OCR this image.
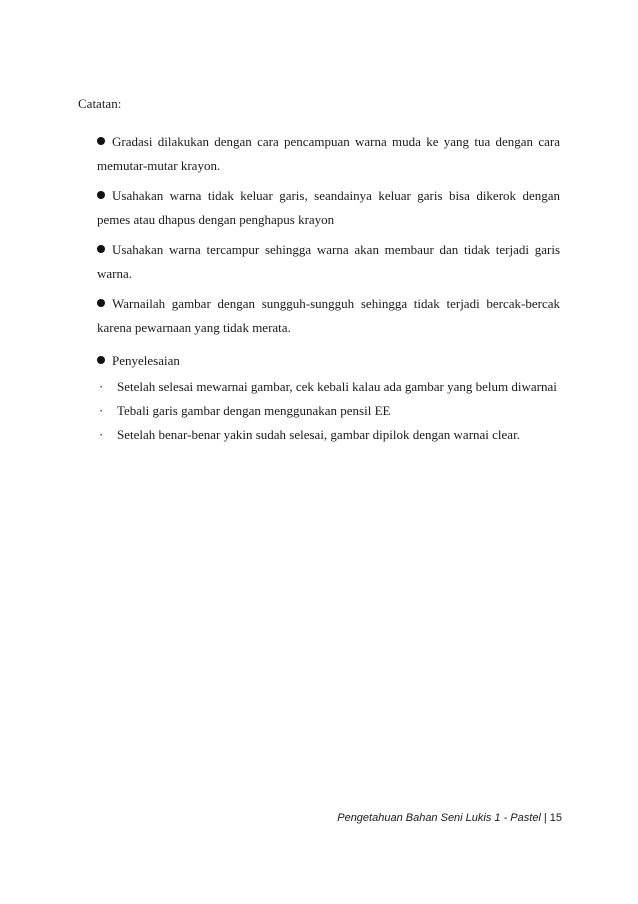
Catatan:
Gradasi dilakukan dengan cara pencampuan warna muda ke yang tua dengan cara memutar-mutar krayon.
Usahakan warna tidak keluar garis, seandainya keluar garis bisa dikerok dengan pemes atau dhapus dengan penghapus krayon
Usahakan warna tercampur sehingga warna akan membaur dan tidak terjadi garis warna.
Warnailah gambar dengan sungguh-sungguh sehingga tidak terjadi bercak-bercak karena pewarnaan yang tidak merata.
Penyelesaian
·	Setelah selesai mewarnai gambar, cek kebali kalau ada gambar yang belum diwarnai
·	Tebali garis gambar dengan menggunakan pensil EE
·	Setelah benar-benar yakin sudah selesai, gambar dipilok dengan warnai clear.
Pengetahuan Bahan Seni Lukis 1 - Pastel | 15
